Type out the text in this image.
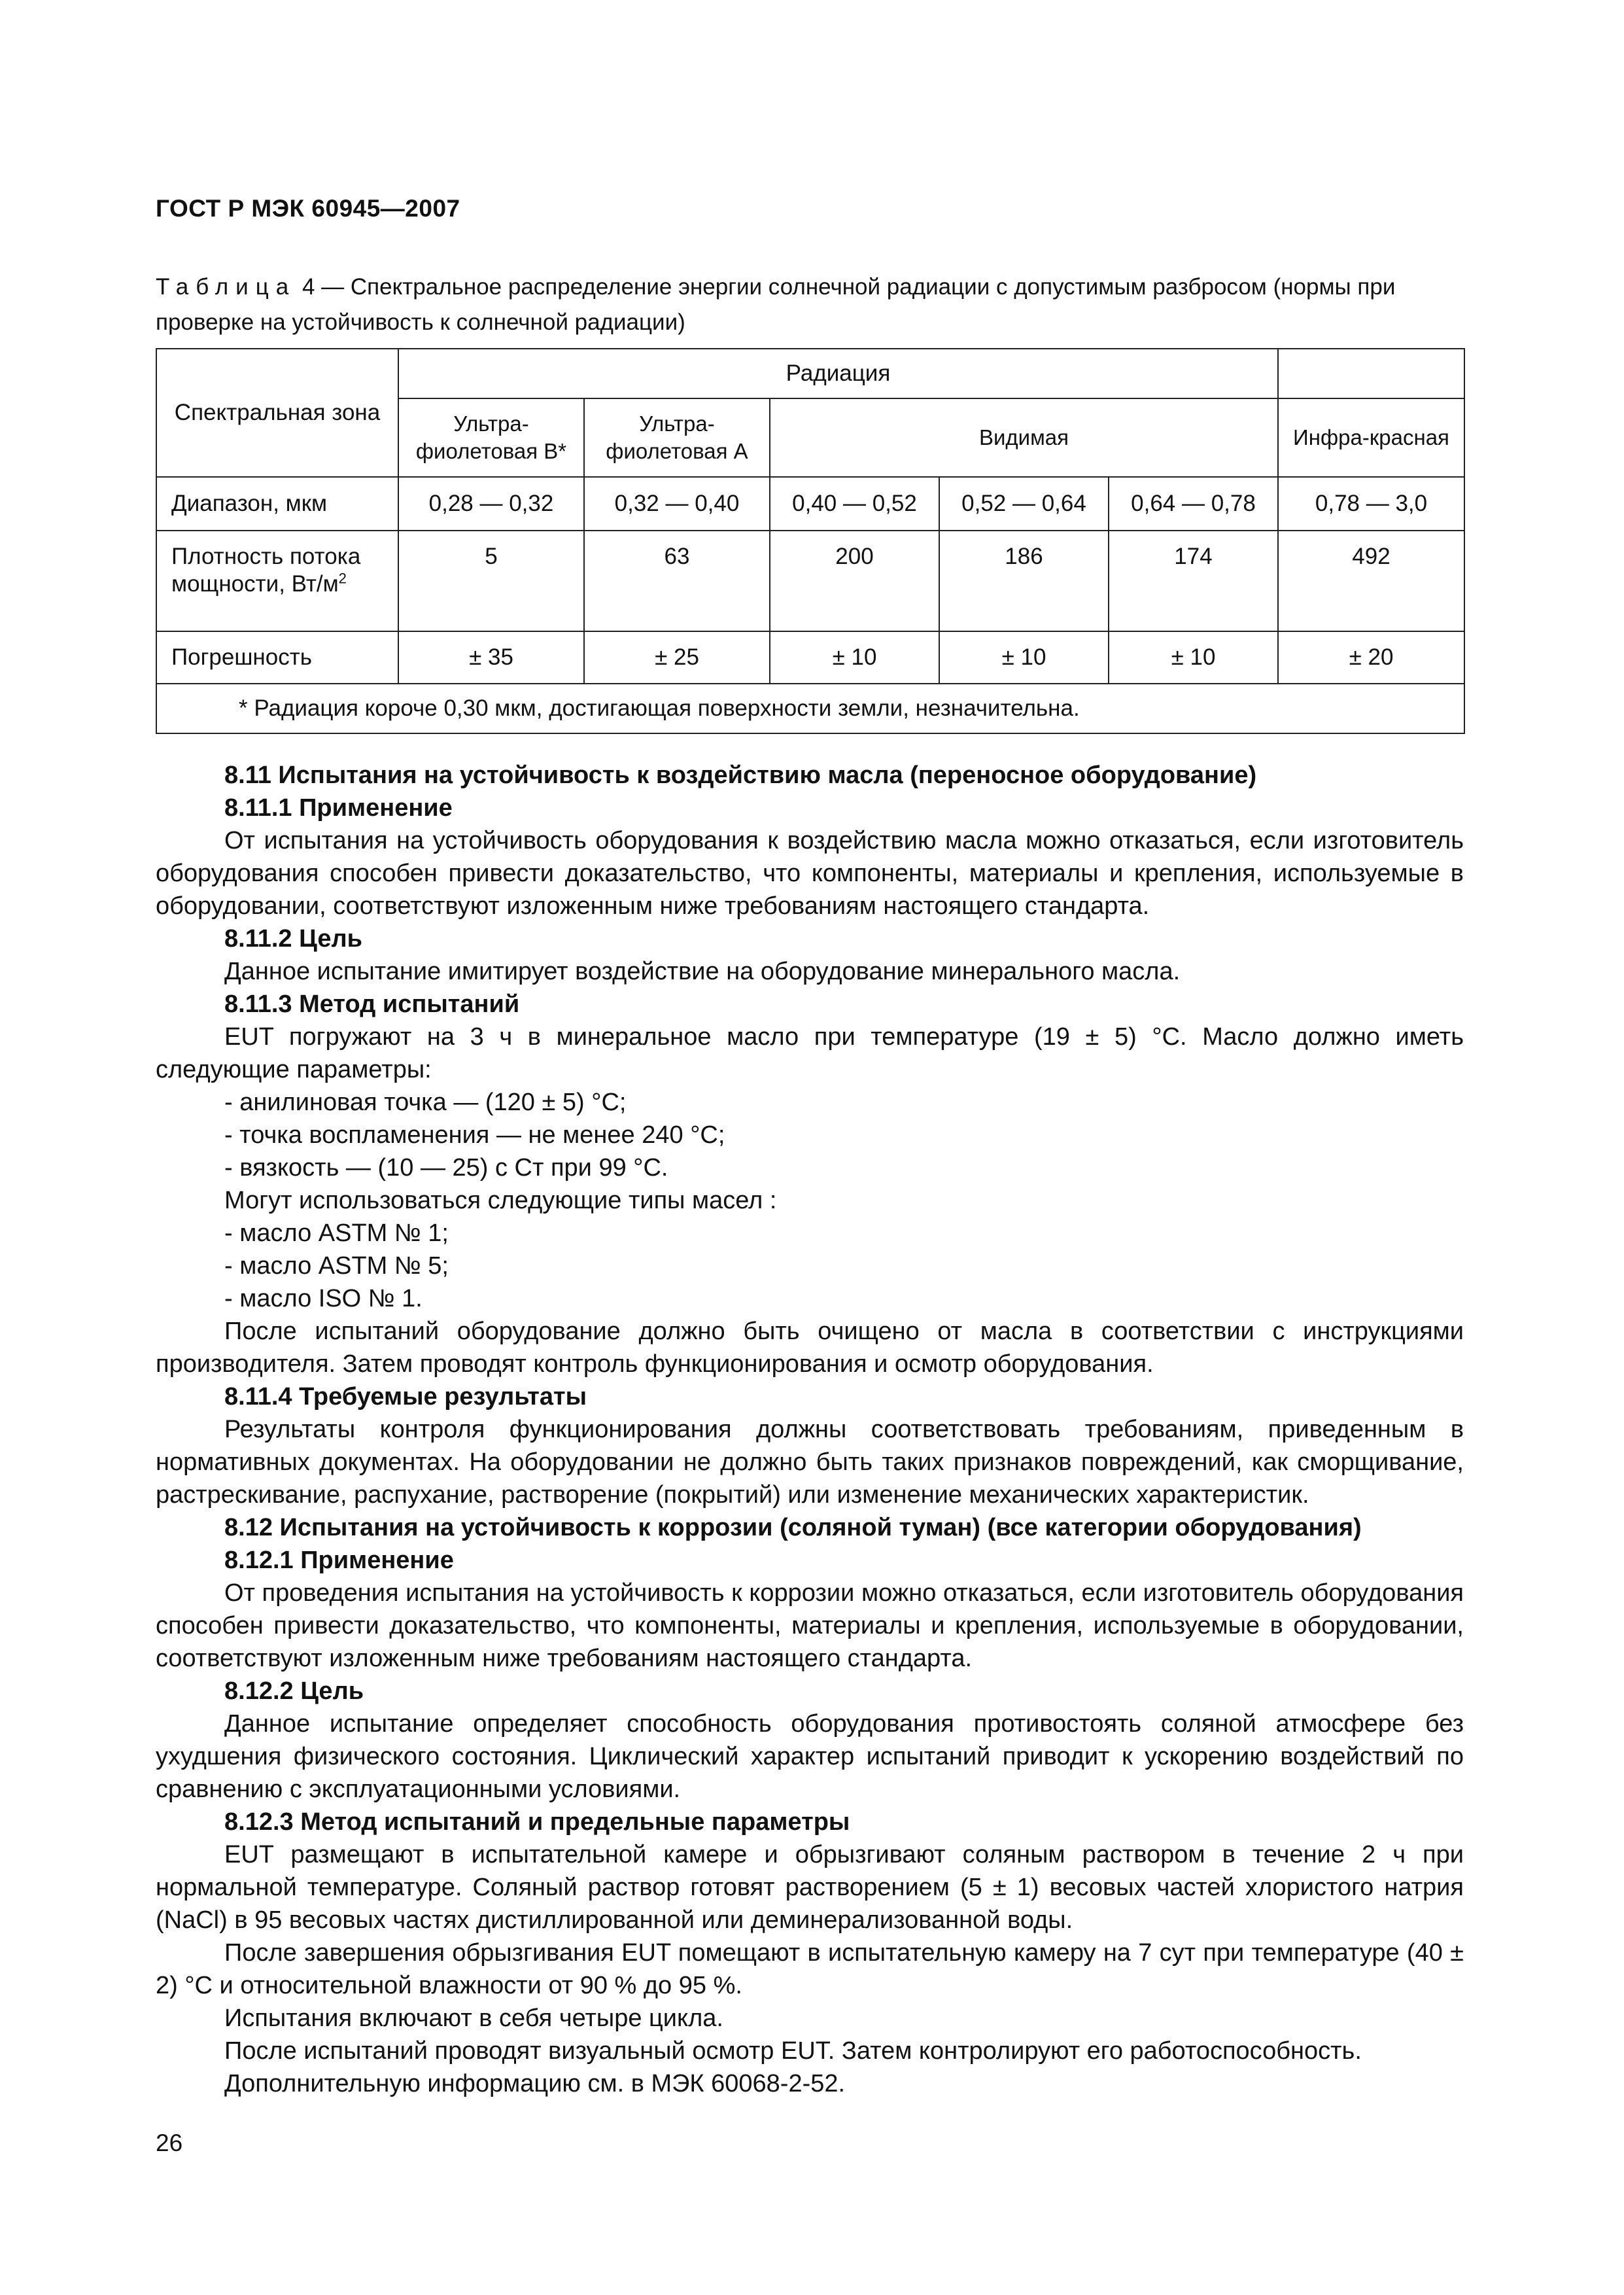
ГОСТ Р МЭК 60945—2007
Таблица 4 — Спектральное распределение энергии солнечной радиации с допустимым разбросом (нормы при проверке на устойчивость к солнечной радиации)
Спектральная зона	Радиация					
	Ультра-фиолетовая В*	Ультра-фиолетовая А	Видимая			Инфра-красная
Диапазон, мкм	0,28 — 0,32	0,32 — 0,40	0,40 — 0,52	0,52 — 0,64	0,64 — 0,78	0,78 — 3,0
Плотность потока мощности, $Вт/м^2$	5	63	200	186	174	492
Погрешность	± 35	± 25	± 10	± 10	± 10	± 20
* Радиация короче 0,30 мкм, достигающая поверхности земли, незначительна.						

8.11 Испытания на устойчивость к воздействию масла (переносное оборудование)

8.11.1 Применение

От испытания на устойчивость оборудования к воздействию масла можно отказаться, если изготовитель оборудования способен привести доказательство, что компоненты, материалы и крепления, используемые в оборудовании, соответствуют изложенным ниже требованиям настоящего стандарта.

8.11.2 Цель

Данное испытание имитирует воздействие на оборудование минерального масла.

8.11.3 Метод испытаний

EUT погружают на 3 ч в минеральное масло при температуре (19 ± 5) °С. Масло должно иметь следующие параметры:

- анилиновая точка — (120 ± 5) °С;

- точка воспламенения — не менее 240 °С;

- вязкость — (10 — 25) с Ст при 99 °С.

Могут использоваться следующие типы масел :

- масло ASTM № 1;

- масло ASTM № 5;

- масло ISO № 1.

После испытаний оборудование должно быть очищено от масла в соответствии с инструкциями производителя. Затем проводят контроль функционирования и осмотр оборудования.

8.11.4 Требуемые результаты

Результаты контроля функционирования должны соответствовать требованиям, приведенным в нормативных документах. На оборудовании не должно быть таких признаков повреждений, как сморщивание, растрескивание, распухание, растворение (покрытий) или изменение механических характеристик.

8.12 Испытания на устойчивость к коррозии (соляной туман) (все категории оборудования)

8.12.1 Применение

От проведения испытания на устойчивость к коррозии можно отказаться, если изготовитель оборудования способен привести доказательство, что компоненты, материалы и крепления, используемые в оборудовании, соответствуют изложенным ниже требованиям настоящего стандарта.

8.12.2 Цель

Данное испытание определяет способность оборудования противостоять соляной атмосфере без ухудшения физического состояния. Циклический характер испытаний приводит к ускорению воздействий по сравнению с эксплуатационными условиями.

8.12.3 Метод испытаний и предельные параметры

EUT размещают в испытательной камере и обрызгивают соляным раствором в течение 2 ч при нормальной температуре. Соляный раствор готовят растворением (5 ± 1) весовых частей хлористого натрия (NaCl) в 95 весовых частях дистиллированной или деминерализованной воды.

После завершения обрызгивания EUT помещают в испытательную камеру на 7 сут при температуре (40 ± 2) °С и относительной влажности от 90 % до 95 %.

Испытания включают в себя четыре цикла.

После испытаний проводят визуальный осмотр EUT. Затем контролируют его работоспособность.

Дополнительную информацию см. в МЭК 60068-2-52.

26
